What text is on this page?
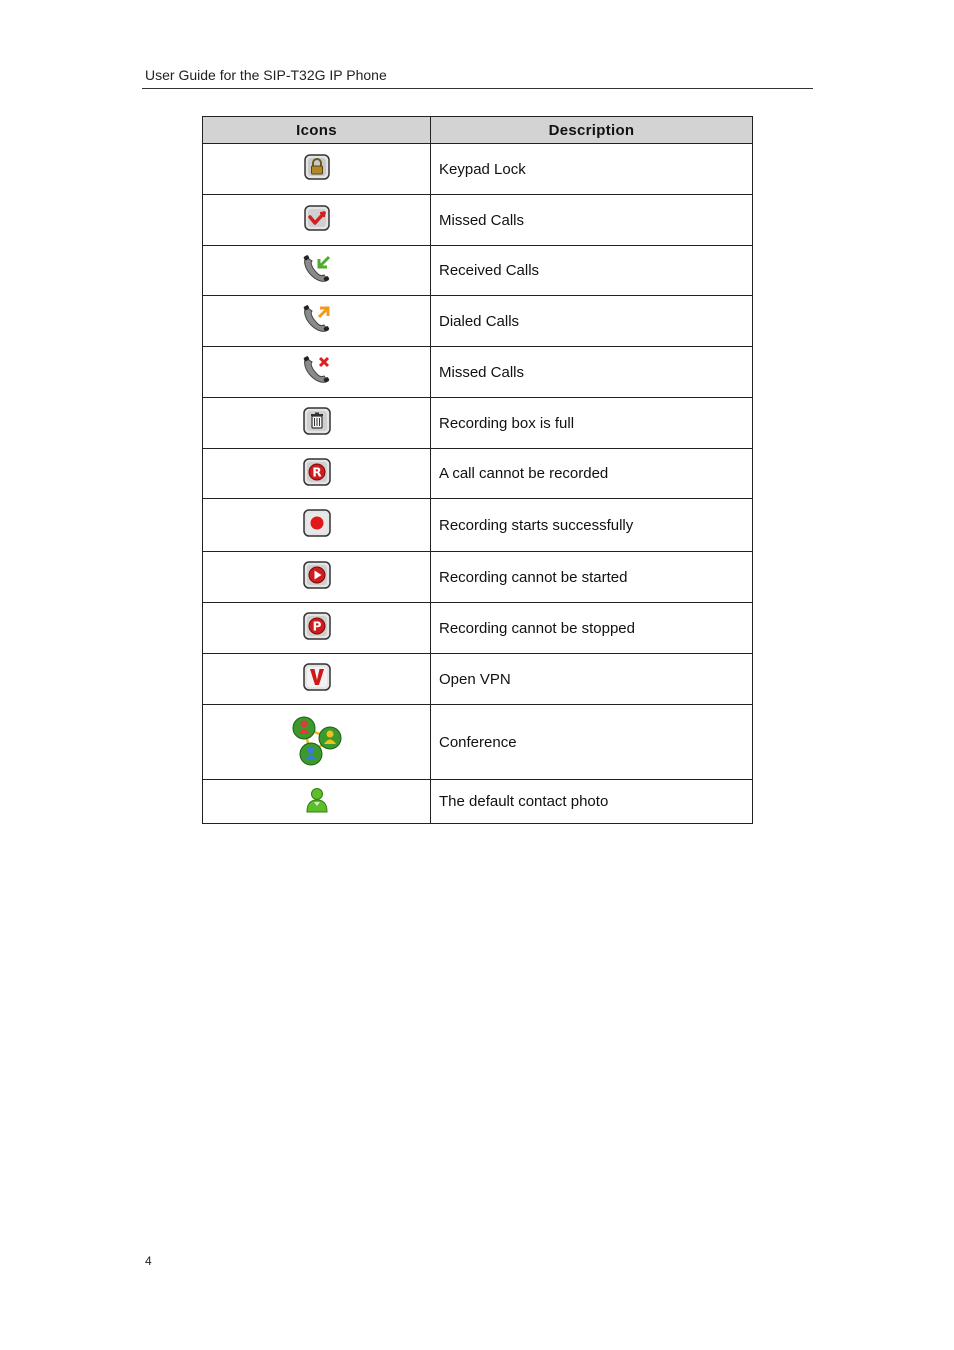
User Guide for the SIP-T32G IP Phone
Icons	Description
	Keypad Lock
	Missed Calls
	Received Calls
	Dialed Calls
	Missed Calls
	Recording box is full

R	A call cannot be recorded
	Recording starts successfully
	Recording cannot be started

P	Recording cannot be stopped
	Open VPN
	Conference
	The default contact photo
4
